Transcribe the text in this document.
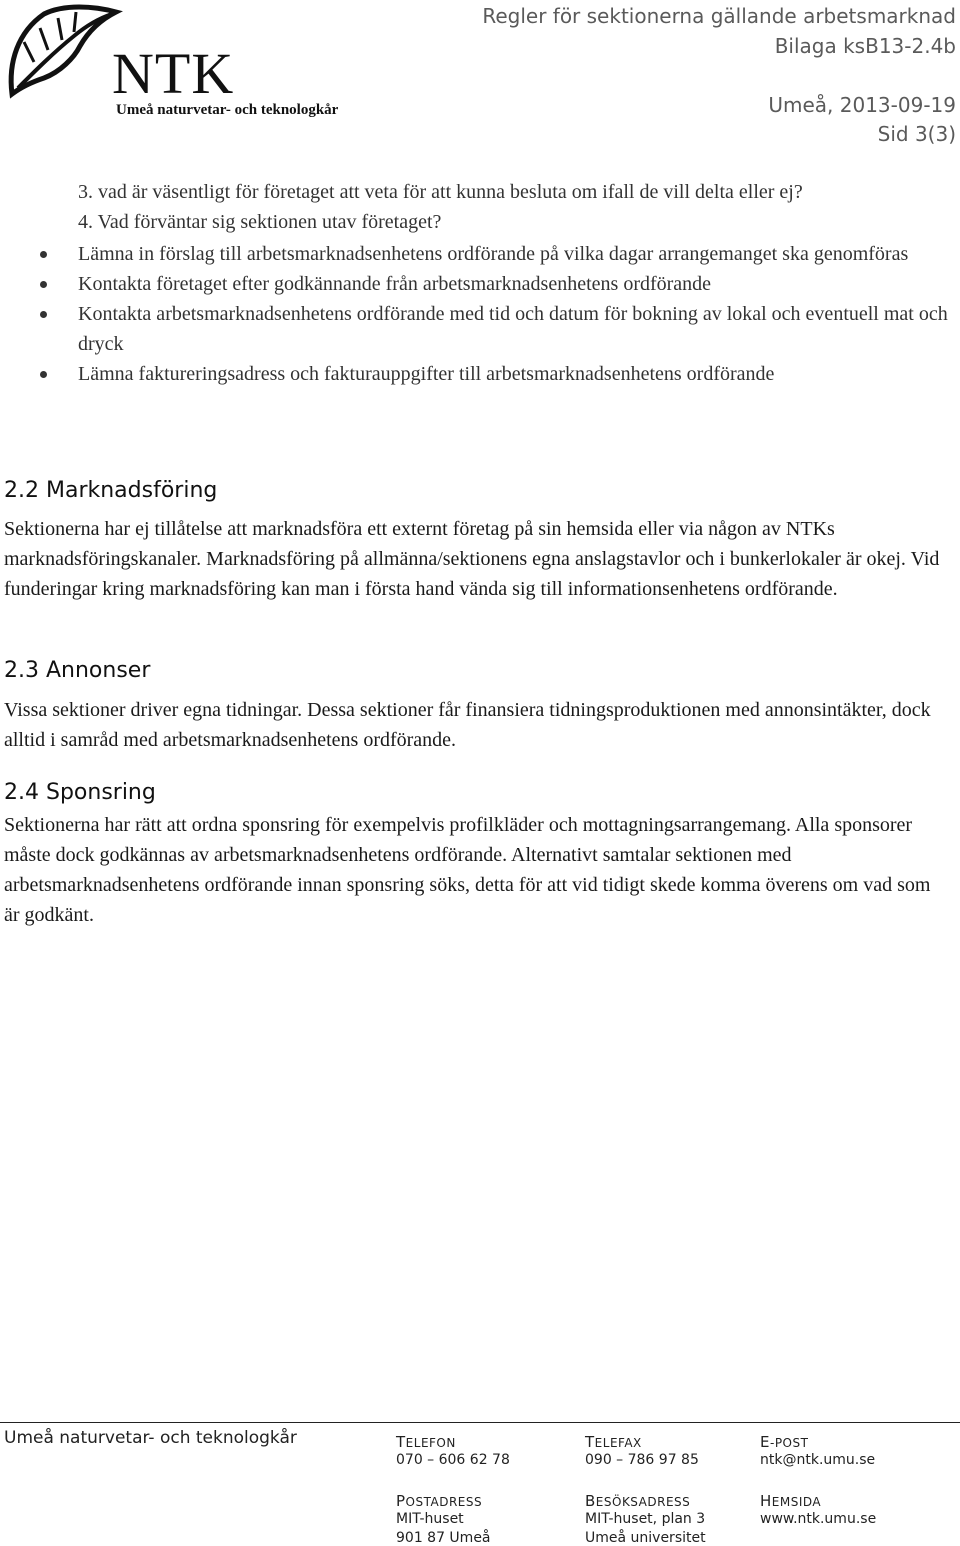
NTK
Umeå naturvetar- och teknologkår
Regler för sektionerna gällande arbetsmarknad
Bilaga ksB13-2.4b
Umeå, 2013-09-19
Sid 3(3)
3. vad är väsentligt för företaget att veta för att kunna besluta om ifall de vill delta eller ej?
4. Vad förväntar sig sektionen utav företaget?
Lämna in förslag till arbetsmarknadsenhetens ordförande på vilka dagar arrangemanget ska genomföras
Kontakta företaget efter godkännande från arbetsmarknadsenhetens ordförande
Kontakta arbetsmarknadsenhetens ordförande med tid och datum för bokning av lokal och eventuell mat och dryck
Lämna faktureringsadress och fakturauppgifter till arbetsmarknadsenhetens ordförande
2.2 Marknadsföring

Sektionerna har ej tillåtelse att marknadsföra ett externt företag på sin hemsida eller via någon av NTKs marknadsföringskanaler. Marknadsföring på allmänna/sektionens egna anslagstavlor och i bunkerlokaler är okej. Vid funderingar kring marknadsföring kan man i första hand vända sig till informationsenhetens ordförande.

2.3 Annonser

Vissa sektioner driver egna tidningar. Dessa sektioner får finansiera tidningsproduktionen med annonsintäkter, dock alltid i samråd med arbetsmarknadsenhetens ordförande.

2.4 Sponsring

Sektionerna har rätt att ordna sponsring för exempelvis profilkläder och mottagningsarrangemang. Alla sponsorer måste dock godkännas av arbetsmarknadsenhetens ordförande. Alternativt samtalar sektionen med arbetsmarknadsenhetens ordförande innan sponsring söks, detta för att vid tidigt skede komma överens om vad som är godkänt.

Umeå naturvetar- och teknologkår	TELEFON
070 – 606 62 78
TELEFAX
090 – 786 97 85
E-POST
ntk@ntk.umu.se
POSTADRESS
MIT-huset
901 87 Umeå
BESÖKSADRESS
MIT-huset, plan 3
Umeå universitet
HEMSIDA
www.ntk.umu.se
